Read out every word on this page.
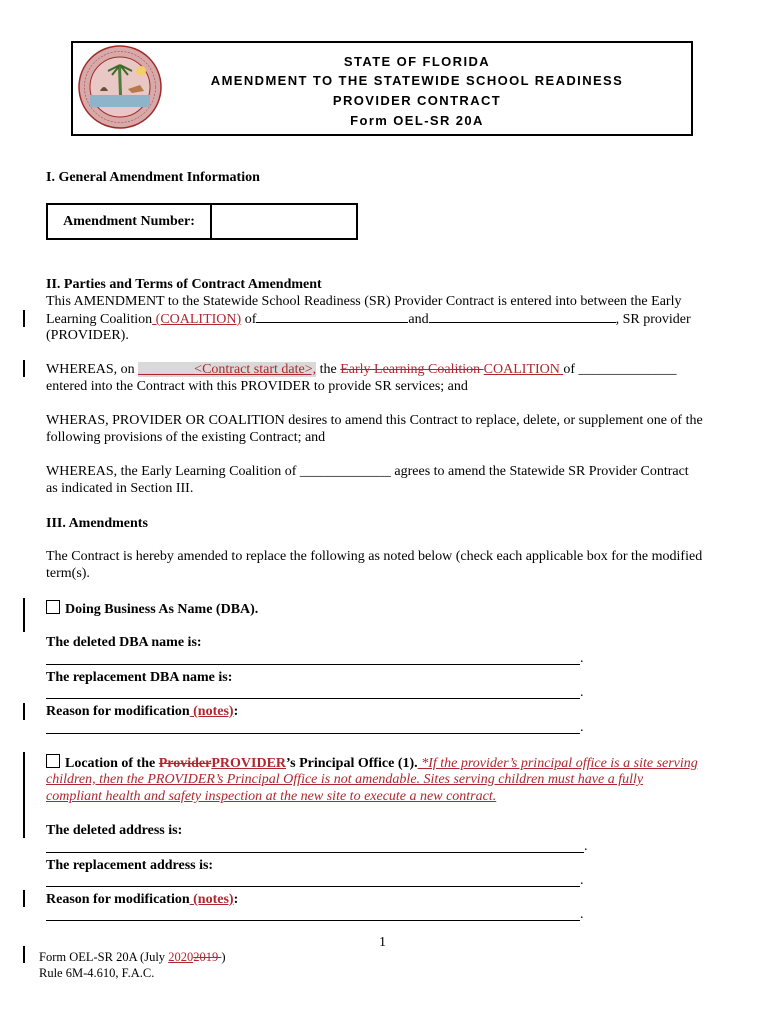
STATE OF FLORIDA
AMENDMENT TO THE STATEWIDE SCHOOL READINESS
PROVIDER CONTRACT
Form OEL-SR 20A
I. General Amendment Information
Amendment Number:
II. Parties and Terms of Contract Amendment
This AMENDMENT to the Statewide School Readiness (SR) Provider Contract is entered into between the Early
Learning Coalition (COALITION) of	and	, SR provider
(PROVIDER).
WHEREAS, on ________<Contract start date>, the Early Learning Coalition COALITION of ______________
entered into the Contract with this PROVIDER to provide SR services; and
WHERAS, PROVIDER OR COALITION desires to amend this Contract to replace, delete, or supplement one of the
following provisions of the existing Contract; and
WHEREAS, the Early Learning Coalition of _____________ agrees to amend the Statewide SR Provider Contract
as indicated in Section III.
III. Amendments
The Contract is hereby amended to replace the following as noted below (check each applicable box for the modified
term(s).
Doing Business As Name (DBA).
The deleted DBA name is:
.
The replacement DBA name is:
.
Reason for modification (notes):
.
Location of the ProviderPROVIDER’s Principal Office (1). *If the provider’s principal office is a site serving
children, then the PROVIDER’s Principal Office is not amendable. Sites serving children must have a fully
compliant health and safety inspection at the new site to execute a new contract.
The deleted address is:
.
The replacement address is:
.
Reason for modification (notes):
.
1
Form OEL-SR 20A (July 20202019 )
Rule 6M-4.610, F.A.C.
